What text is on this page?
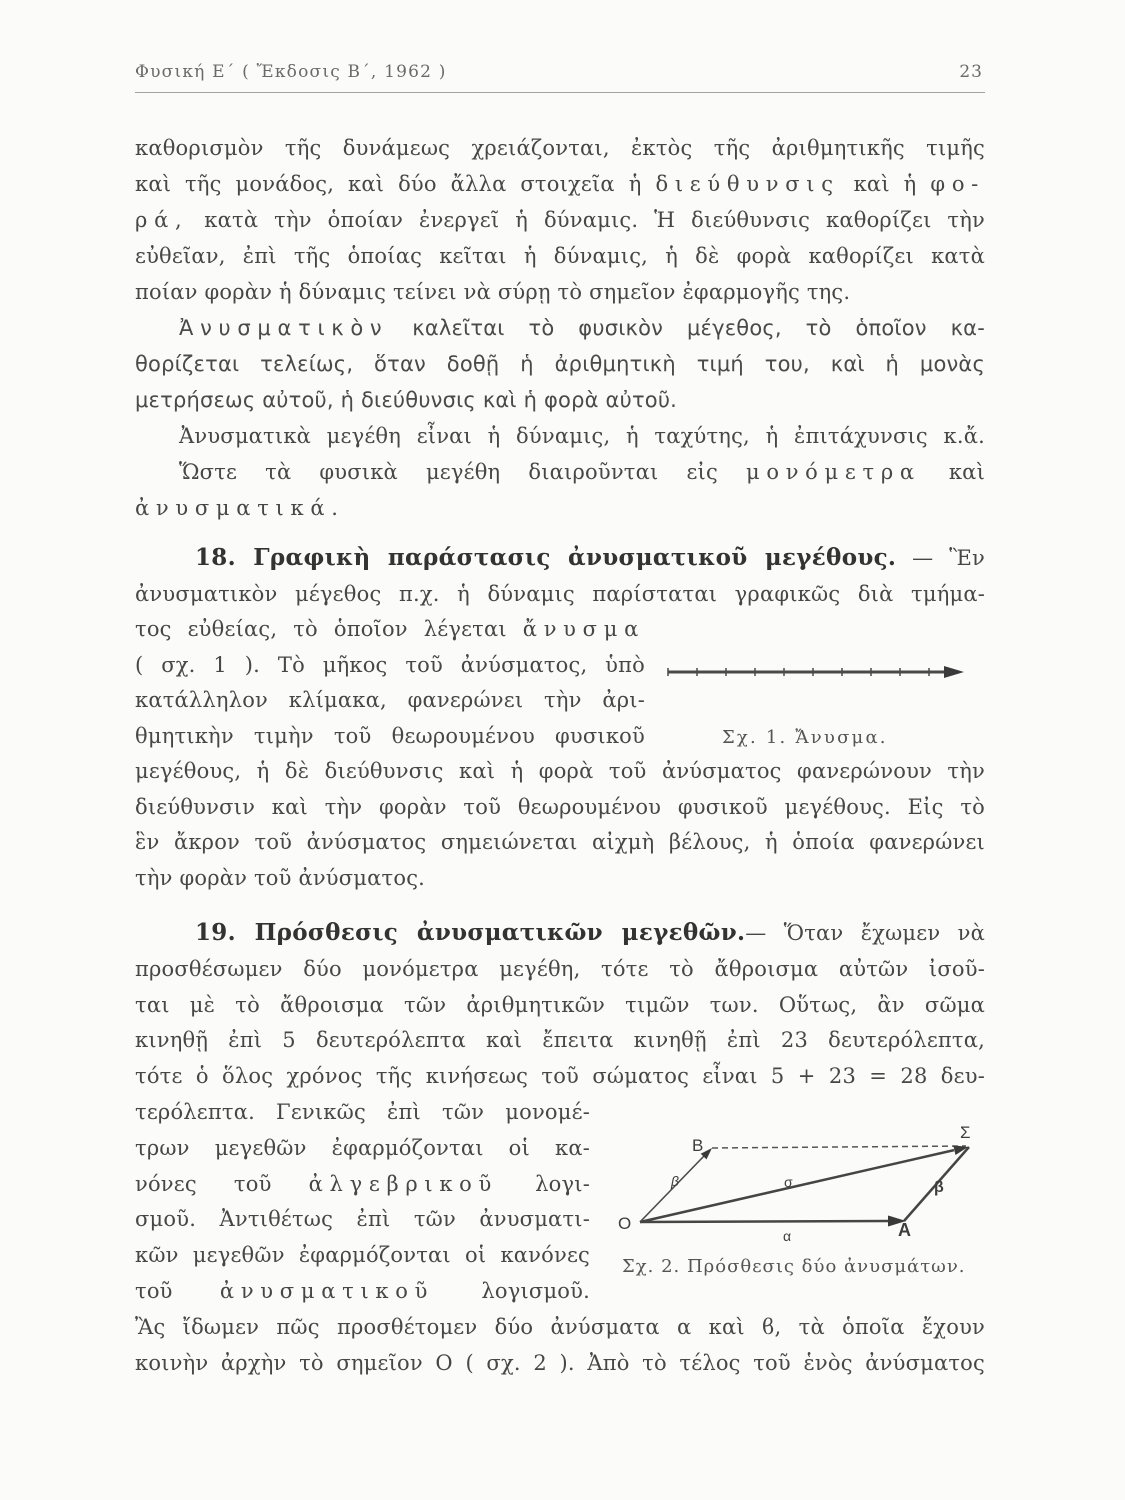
Φυσική Ε΄ ( Ἔκδοσις Β΄, 1962 )	23
καθορισμὸν τῆς δυνάμεως χρειάζονται, ἐκτὸς τῆς ἀριθμητικῆς τιμῆς
καὶ τῆς μονάδος, καὶ δύο ἄλλα στοιχεῖα ἡ διεύθυνσις καὶ ἡ φο-
ρά, κατὰ τὴν ὁποίαν ἐνεργεῖ ἡ δύναμις. Ἡ διεύθυνσις καθορίζει τὴν
εὐθεῖαν, ἐπὶ τῆς ὁποίας κεῖται ἡ δύναμις, ἡ δὲ φορὰ καθορίζει κατὰ
ποίαν φορὰν ἡ δύναμις τείνει νὰ σύρῃ τὸ σημεῖον ἐφαρμογῆς της.
Ἀνυσματικὸν καλεῖται τὸ φυσικὸν μέγεθος, τὸ ὁποῖον κα-
θορίζεται τελείως, ὅταν δοθῇ ἡ ἀριθμητικὴ τιμή του, καὶ ἡ μονὰς
μετρήσεως αὐτοῦ, ἡ διεύθυνσις καὶ ἡ φορὰ αὐτοῦ.
Ἀνυσματικὰ μεγέθη εἶναι ἡ δύναμις, ἡ ταχύτης, ἡ ἐπιτάχυνσις κ.ἄ.
Ὥστε τὰ φυσικὰ μεγέθη διαιροῦνται εἰς μονόμετρα καὶ
ἀνυσματικά.
18. Γραφικὴ παράστασις ἀνυσματικοῦ μεγέθους. — Ἓν
ἀνυσματικὸν μέγεθος π.χ. ἡ δύναμις παρίσταται γραφικῶς διὰ τμήμα-
τος εὐθείας, τὸ ὁποῖον λέγεται ἄνυσμα
( σχ. 1 ). Τὸ μῆκος τοῦ ἀνύσματος, ὑπὸ
κατάλληλον κλίμακα, φανερώνει τὴν ἀρι-
θμητικὴν τιμὴν τοῦ θεωρουμένου φυσικοῦ
μεγέθους, ἡ δὲ διεύθυνσις καὶ ἡ φορὰ τοῦ ἀνύσματος φανερώνουν τὴν
διεύθυνσιν καὶ τὴν φορὰν τοῦ θεωρουμένου φυσικοῦ μεγέθους. Εἰς τὸ
ἓν ἄκρον τοῦ ἀνύσματος σημειώνεται αἰχμὴ βέλους, ἡ ὁποία φανερώνει
τὴν φορὰν τοῦ ἀνύσματος.
Σχ. 1. Ἄνυσμα.
19. Πρόσθεσις ἀνυσματικῶν μεγεθῶν.— Ὅταν ἔχωμεν νὰ
προσθέσωμεν δύο μονόμετρα μεγέθη, τότε τὸ ἄθροισμα αὐτῶν ἰσοῦ-
ται μὲ τὸ ἄθροισμα τῶν ἀριθμητικῶν τιμῶν των. Οὕτως, ἂν σῶμα
κινηθῇ ἐπὶ 5 δευτερόλεπτα καὶ ἔπειτα κινηθῇ ἐπὶ 23 δευτερόλεπτα,
τότε ὁ ὅλος χρόνος τῆς κινήσεως τοῦ σώματος εἶναι 5 + 23 = 28 δευ-
τερόλεπτα. Γενικῶς ἐπὶ τῶν μονομέ-
τρων μεγεθῶν ἐφαρμόζονται οἱ κα-
νόνες τοῦ ἀλγεβρικοῦ λογι-
σμοῦ. Ἀντιθέτως ἐπὶ τῶν ἀνυσματι-
κῶν μεγεθῶν ἐφαρμόζονται οἱ κανόνες
τοῦ ἀνυσματικοῦ λογισμοῦ.
Ἂς ἴδωμεν πῶς προσθέτομεν δύο ἀνύσματα α καὶ ϐ, τὰ ὁποῖα ἔχουν
κοινὴν ἀρχὴν τὸ σημεῖον Ο ( σχ. 2 ). Ἀπὸ τὸ τέλος τοῦ ἑνὸς ἀνύσματος
Β
Σ
β	σ	β
Ο
α	Α
Σχ. 2. Πρόσθεσις δύο ἀνυσμάτων.
